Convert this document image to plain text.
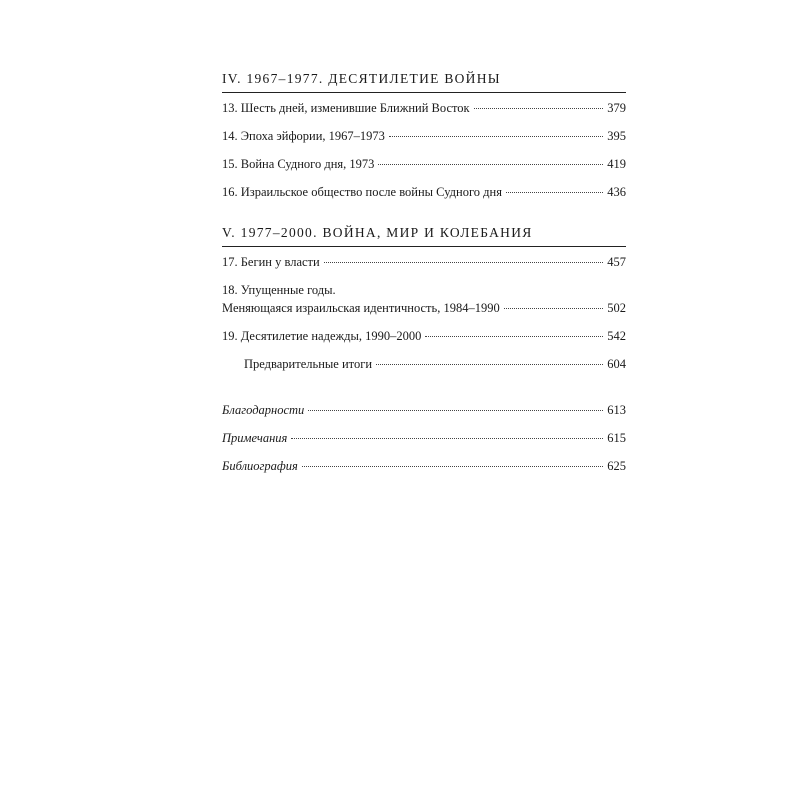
IV. 1967–1977. ДЕСЯТИЛЕТИЕ ВОЙНЫ
13. Шесть дней, изменившие Ближний Восток	379
14. Эпоха эйфории, 1967–1973	395
15. Война Судного дня, 1973	419
16. Израильское общество после войны Судного дня	436
V. 1977–2000. ВОЙНА, МИР И КОЛЕБАНИЯ
17. Бегин у власти	457
18. Упущенные годы.
Меняющаяся израильская идентичность, 1984–1990	502
19. Десятилетие надежды, 1990–2000	542
Предварительные итоги	604
Благодарности	613
Примечания	615
Библиография	625
